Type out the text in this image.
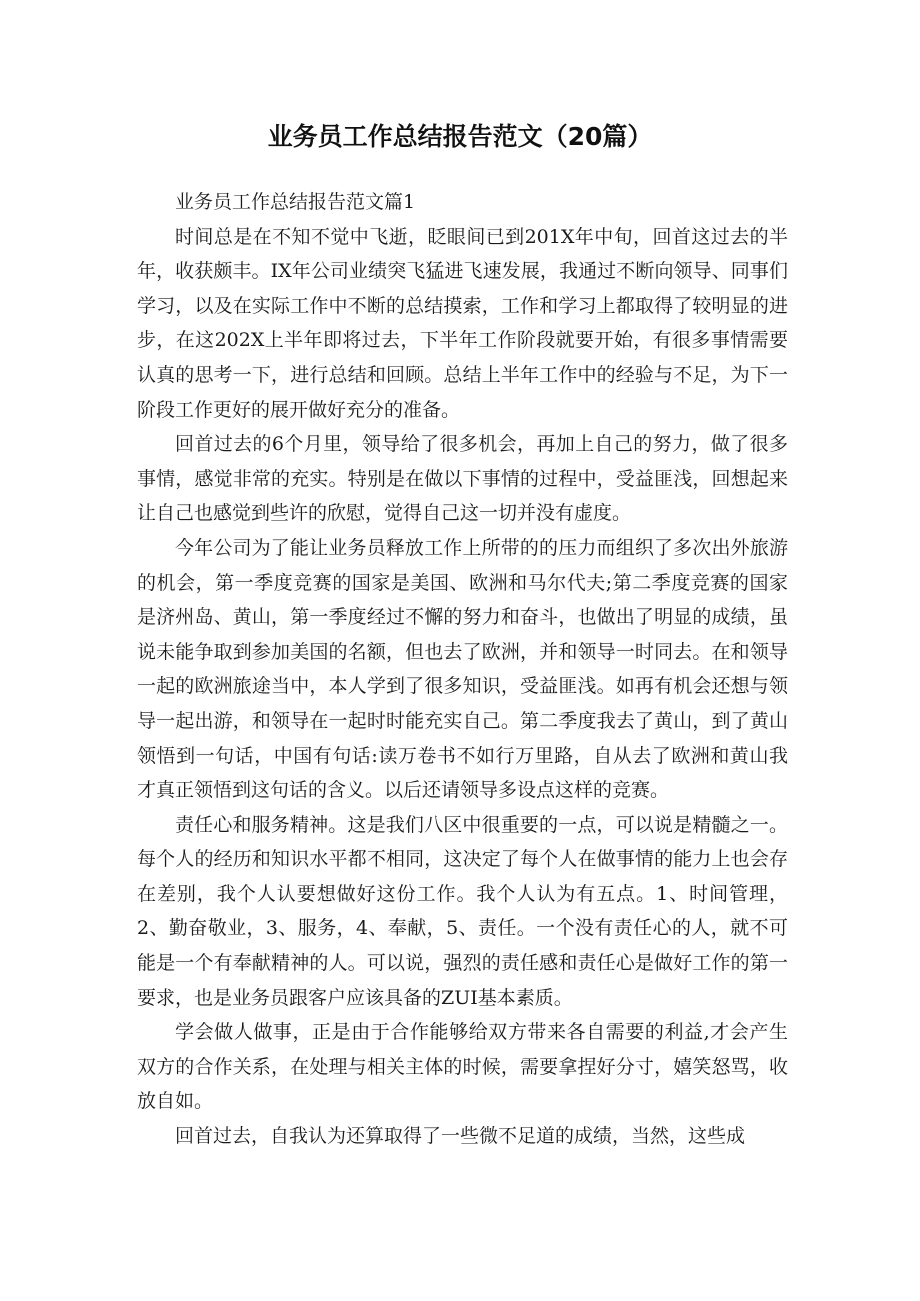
业务员工作总结报告范文（20篇）

业务员工作总结报告范文篇1

时间总是在不知不觉中飞逝，眨眼间已到201X年中旬，回首这过去的半年，收获颇丰。IX年公司业绩突飞猛进飞速发展，我通过不断向领导、同事们学习，以及在实际工作中不断的总结摸索，工作和学习上都取得了较明显的进步，在这202X上半年即将过去，下半年工作阶段就要开始，有很多事情需要认真的思考一下，进行总结和回顾。总结上半年工作中的经验与不足，为下一阶段工作更好的展开做好充分的准备。

回首过去的6个月里，领导给了很多机会，再加上自己的努力，做了很多事情，感觉非常的充实。特别是在做以下事情的过程中，受益匪浅，回想起来让自己也感觉到些许的欣慰，觉得自己这一切并没有虚度。

今年公司为了能让业务员释放工作上所带的的压力而组织了多次出外旅游的机会，第一季度竞赛的国家是美国、欧洲和马尔代夫;第二季度竞赛的国家是济州岛、黄山，第一季度经过不懈的努力和奋斗，也做出了明显的成绩，虽说未能争取到参加美国的名额，但也去了欧洲，并和领导一时同去。在和领导一起的欧洲旅途当中，本人学到了很多知识，受益匪浅。如再有机会还想与领导一起出游，和领导在一起时时能充实自己。第二季度我去了黄山，到了黄山领悟到一句话，中国有句话:读万卷书不如行万里路，自从去了欧洲和黄山我才真正领悟到这句话的含义。以后还请领导多设点这样的竞赛。

责任心和服务精神。这是我们八区中很重要的一点，可以说是精髓之一。每个人的经历和知识水平都不相同，这决定了每个人在做事情的能力上也会存在差别，我个人认要想做好这份工作。我个人认为有五点。1、时间管理，2、勤奋敬业，3、服务，4、奉献，5、责任。一个没有责任心的人，就不可能是一个有奉献精神的人。可以说，强烈的责任感和责任心是做好工作的第一要求，也是业务员跟客户应该具备的ZUI基本素质。

学会做人做事，正是由于合作能够给双方带来各自需要的利益,才会产生双方的合作关系，在处理与相关主体的时候，需要拿捏好分寸，嬉笑怒骂，收放自如。

回首过去，自我认为还算取得了一些微不足道的成绩，当然，这些成
